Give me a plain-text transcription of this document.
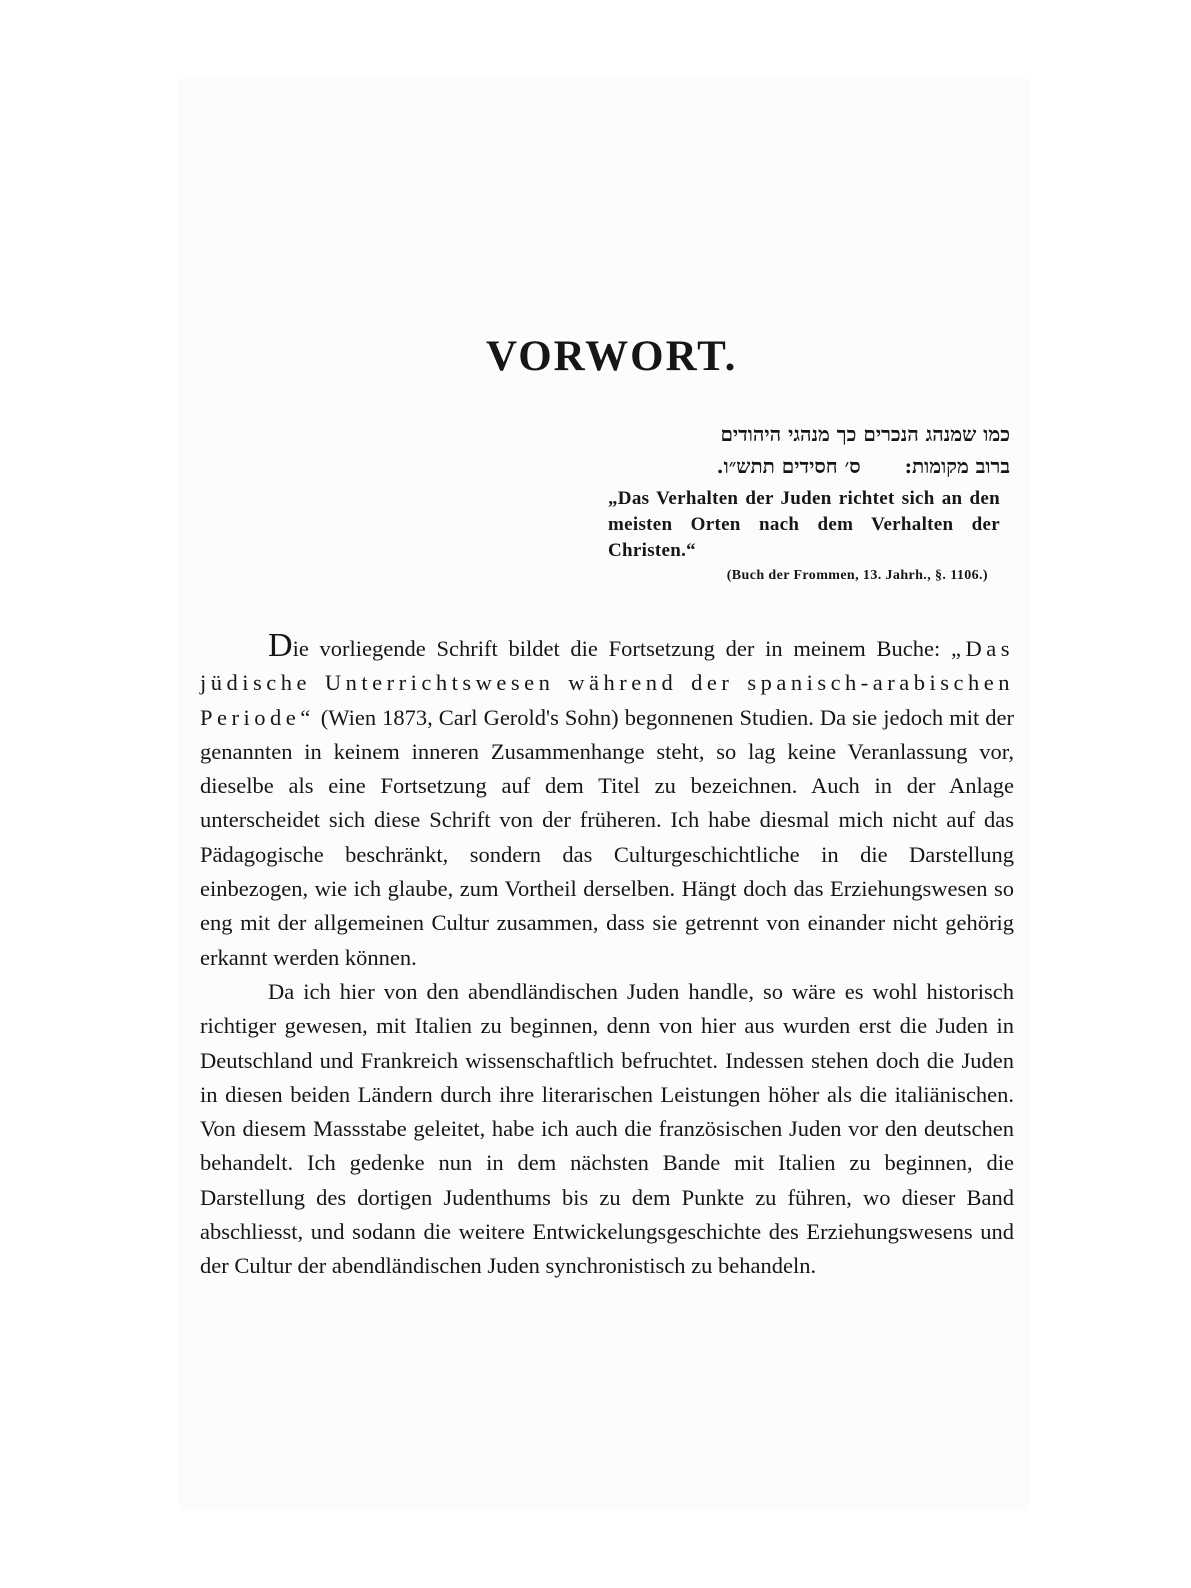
VORWORT.
כמו שמנהג הנכרים כך מנהגי היהודים
ברוב מקומות:
ס׳ חסידים תתש״ו.
„Das Verhalten der Juden richtet sich an den meisten Orten nach dem Verhalten der Christen.“
(Buch der Frommen, 13. Jahrh., §. 1106.)

Die vorliegende Schrift bildet die Fortsetzung der in meinem Buche: „Das jüdische Unterrichtswesen während der spanisch-arabischen Periode“ (Wien 1873, Carl Gerold's Sohn) begonnenen Studien. Da sie jedoch mit der genannten in keinem inneren Zusammenhange steht, so lag keine Veranlassung vor, dieselbe als eine Fortsetzung auf dem Titel zu bezeichnen. Auch in der Anlage unterscheidet sich diese Schrift von der früheren. Ich habe diesmal mich nicht auf das Pädagogische beschränkt, sondern das Culturgeschichtliche in die Darstellung einbezogen, wie ich glaube, zum Vortheil derselben. Hängt doch das Erziehungswesen so eng mit der allgemeinen Cultur zusammen, dass sie getrennt von einander nicht gehörig erkannt werden können.

Da ich hier von den abendländischen Juden handle, so wäre es wohl historisch richtiger gewesen, mit Italien zu beginnen, denn von hier aus wurden erst die Juden in Deutschland und Frankreich wissenschaftlich befruchtet. Indessen stehen doch die Juden in diesen beiden Ländern durch ihre literarischen Leistungen höher als die italiänischen. Von diesem Massstabe geleitet, habe ich auch die französischen Juden vor den deutschen behandelt. Ich gedenke nun in dem nächsten Bande mit Italien zu beginnen, die Darstellung des dortigen Judenthums bis zu dem Punkte zu führen, wo dieser Band abschliesst, und sodann die weitere Entwickelungsgeschichte des Erziehungswesens und der Cultur der abendländischen Juden synchronistisch zu behandeln.
